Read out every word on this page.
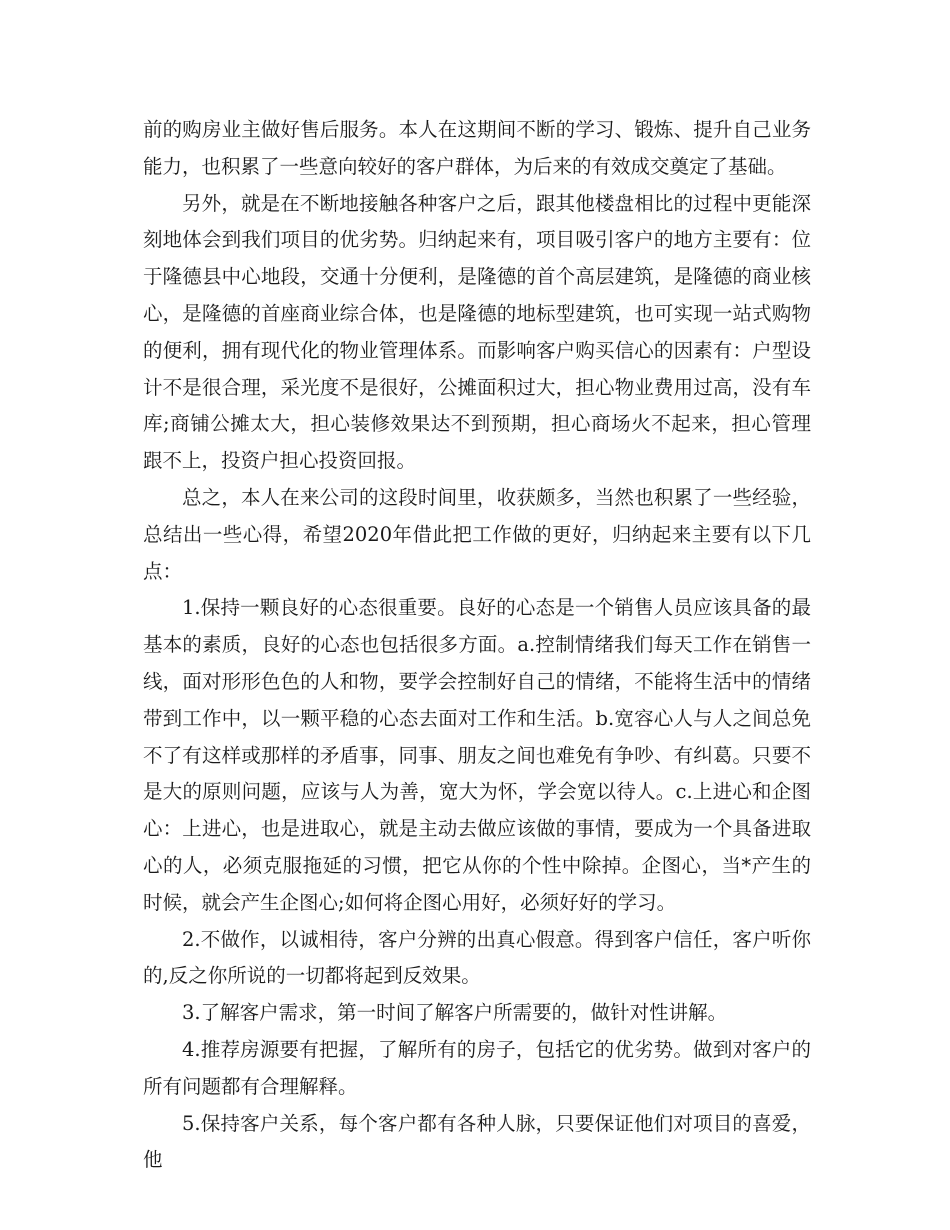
前的购房业主做好售后服务。本人在这期间不断的学习、锻炼、提升自己业务能力，也积累了一些意向较好的客户群体，为后来的有效成交奠定了基础。

另外，就是在不断地接触各种客户之后，跟其他楼盘相比的过程中更能深刻地体会到我们项目的优劣势。归纳起来有，项目吸引客户的地方主要有：位于隆德县中心地段，交通十分便利，是隆德的首个高层建筑，是隆德的商业核心，是隆德的首座商业综合体，也是隆德的地标型建筑，也可实现一站式购物的便利，拥有现代化的物业管理体系。而影响客户购买信心的因素有：户型设计不是很合理，采光度不是很好，公摊面积过大，担心物业费用过高，没有车库;商铺公摊太大，担心装修效果达不到预期，担心商场火不起来，担心管理跟不上，投资户担心投资回报。

总之，本人在来公司的这段时间里，收获颇多，当然也积累了一些经验，总结出一些心得，希望2020年借此把工作做的更好，归纳起来主要有以下几点：

1.保持一颗良好的心态很重要。良好的心态是一个销售人员应该具备的最基本的素质，良好的心态也包括很多方面。a.控制情绪我们每天工作在销售一线，面对形形色色的人和物，要学会控制好自己的情绪，不能将生活中的情绪带到工作中，以一颗平稳的心态去面对工作和生活。b.宽容心人与人之间总免不了有这样或那样的矛盾事，同事、朋友之间也难免有争吵、有纠葛。只要不是大的原则问题，应该与人为善，宽大为怀，学会宽以待人。c.上进心和企图心：上进心，也是进取心，就是主动去做应该做的事情，要成为一个具备进取心的人，必须克服拖延的习惯，把它从你的个性中除掉。企图心，当*产生的时候，就会产生企图心;如何将企图心用好，必须好好的学习。

2.不做作，以诚相待，客户分辨的出真心假意。得到客户信任，客户听你的,反之你所说的一切都将起到反效果。

3.了解客户需求，第一时间了解客户所需要的，做针对性讲解。

4.推荐房源要有把握，了解所有的房子，包括它的优劣势。做到对客户的所有问题都有合理解释。

5.保持客户关系，每个客户都有各种人脉，只要保证他们对项目的喜爱，他
